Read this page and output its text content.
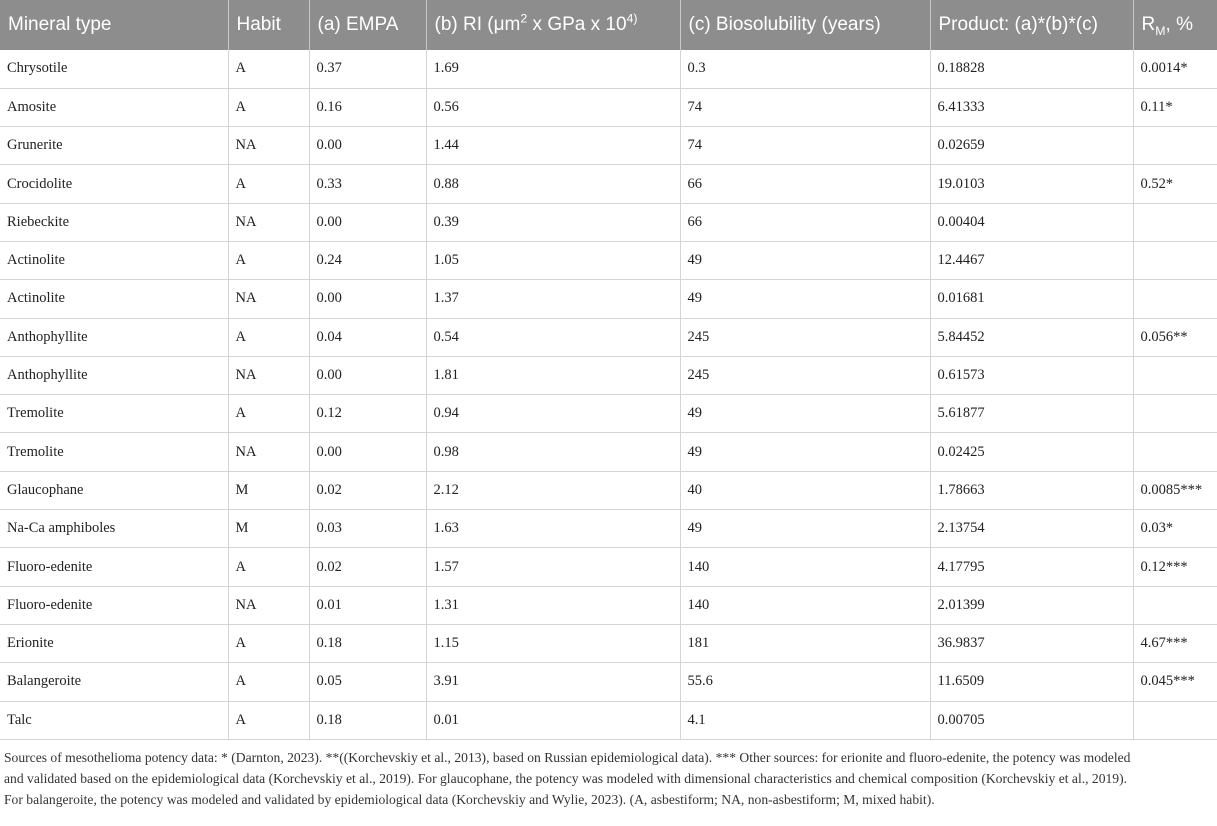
Mineral type	Habit	(a) EMPA	(b) RI ($\mu m^2$ x GPa x 10$^{4)}$	(c) Biosolubility (years)	Product: (a)*(b)*(c)	$R_M$, %
Chrysotile	A	0.37	1.69	0.3	0.18828	0.0014*
Amosite	A	0.16	0.56	74	6.41333	0.11*
Grunerite	NA	0.00	1.44	74	0.02659	
Crocidolite	A	0.33	0.88	66	19.0103	0.52*
Riebeckite	NA	0.00	0.39	66	0.00404	
Actinolite	A	0.24	1.05	49	12.4467	
Actinolite	NA	0.00	1.37	49	0.01681	
Anthophyllite	A	0.04	0.54	245	5.84452	0.056**
Anthophyllite	NA	0.00	1.81	245	0.61573	
Tremolite	A	0.12	0.94	49	5.61877	
Tremolite	NA	0.00	0.98	49	0.02425	
Glaucophane	M	0.02	2.12	40	1.78663	0.0085***
Na-Ca amphiboles	M	0.03	1.63	49	2.13754	0.03*
Fluoro-edenite	A	0.02	1.57	140	4.17795	0.12***
Fluoro-edenite	NA	0.01	1.31	140	2.01399	
Erionite	A	0.18	1.15	181	36.9837	4.67***
Balangeroite	A	0.05	3.91	55.6	11.6509	0.045***
Talc	A	0.18	0.01	4.1	0.00705	
Sources of mesothelioma potency data: * (Darnton, 2023). **((Korchevskiy et al., 2013), based on Russian epidemiological data). *** Other sources: for erionite and fluoro-edenite, the potency was modeled and validated based on the epidemiological data (Korchevskiy et al., 2019). For glaucophane, the potency was modeled with dimensional characteristics and chemical composition (Korchevskiy et al., 2019). For balangeroite, the potency was modeled and validated by epidemiological data (Korchevskiy and Wylie, 2023). (A, asbestiform; NA, non-asbestiform; M, mixed habit).
